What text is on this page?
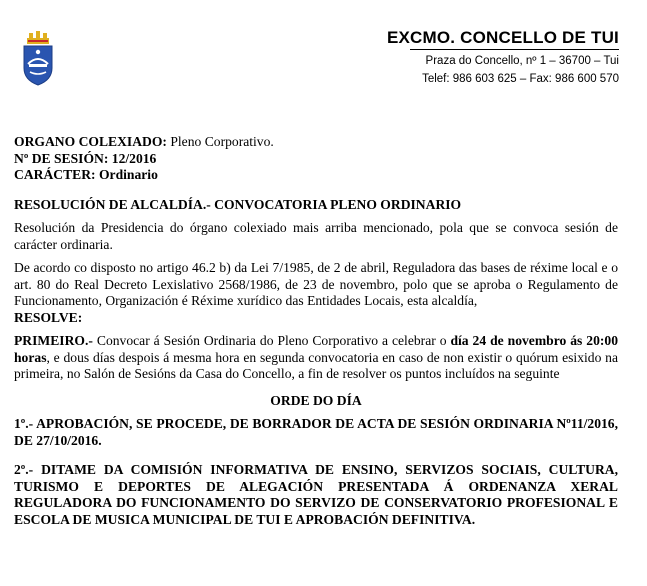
EXCMO. CONCELLO DE TUI
Praza do Concello, nº 1 – 36700 – Tui
Telef: 986 603 625 – Fax: 986 600 570
ORGANO COLEXIADO: Pleno Corporativo.
Nº DE SESIÓN: 12/2016
CARÁCTER: Ordinario

RESOLUCIÓN DE ALCALDÍA.- CONVOCATORIA PLENO ORDINARIO

Resolución da Presidencia do órgano colexiado mais arriba mencionado, pola que se convoca sesión de carácter ordinaria.

De acordo co disposto no artigo 46.2 b) da Lei 7/1985, de 2 de abril, Reguladora das bases de réxime local e o art. 80 do Real Decreto Lexislativo 2568/1986, de 23 de novembro, polo que se aproba o Regulamento de Funcionamento, Organización é Réxime xurídico das Entidades Locais, esta alcaldía,
RESOLVE:

PRIMEIRO.- Convocar á Sesión Ordinaria do Pleno Corporativo a celebrar o día 24 de novembro ás 20:00 horas, e dous días despois á mesma hora en segunda convocatoria en caso de non existir o quórum esixido na primeira, no Salón de Sesións da Casa do Concello, a fin de resolver os puntos incluídos na seguinte

ORDE DO DÍA

1º.- APROBACIÓN, SE PROCEDE, DE BORRADOR DE ACTA DE SESIÓN ORDINARIA Nº11/2016, DE 27/10/2016.

2º.- DITAME DA COMISIÓN INFORMATIVA DE ENSINO, SERVIZOS SOCIAIS, CULTURA, TURISMO E DEPORTES DE ALEGACIÓN PRESENTADA Á ORDENANZA XERAL REGULADORA DO FUNCIONAMENTO DO SERVIZO DE CONSERVATORIO PROFESIONAL E ESCOLA DE MUSICA MUNICIPAL DE TUI E APROBACIÓN DEFINITIVA.
